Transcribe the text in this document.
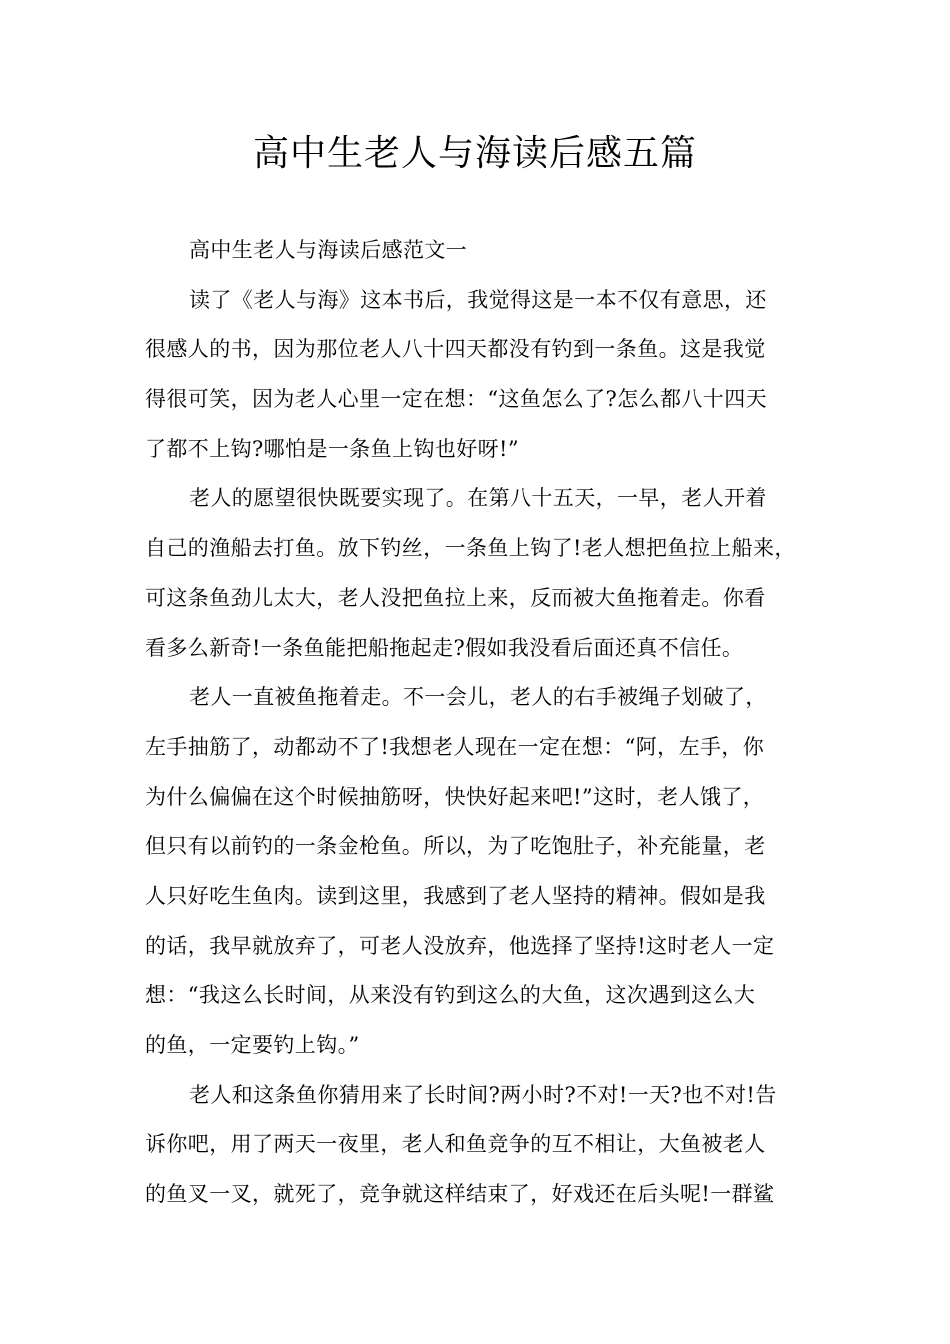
高中生老人与海读后感五篇
高中生老人与海读后感范文一
读了《老人与海》这本书后，我觉得这是一本不仅有意思，还
很感人的书，因为那位老人八十四天都没有钓到一条鱼。这是我觉
得很可笑，因为老人心里一定在想：“这鱼怎么了?怎么都八十四天
了都不上钩?哪怕是一条鱼上钩也好呀!”
老人的愿望很快既要实现了。在第八十五天，一早，老人开着
自己的渔船去打鱼。放下钓丝，一条鱼上钩了!老人想把鱼拉上船来，
可这条鱼劲儿太大，老人没把鱼拉上来，反而被大鱼拖着走。你看
看多么新奇!一条鱼能把船拖起走?假如我没看后面还真不信任。
老人一直被鱼拖着走。不一会儿，老人的右手被绳子划破了，
左手抽筋了，动都动不了!我想老人现在一定在想：“阿，左手，你
为什么偏偏在这个时候抽筋呀，快快好起来吧!”这时，老人饿了，
但只有以前钓的一条金枪鱼。所以，为了吃饱肚子，补充能量，老
人只好吃生鱼肉。读到这里，我感到了老人坚持的精神。假如是我
的话，我早就放弃了，可老人没放弃，他选择了坚持!这时老人一定
想：“我这么长时间，从来没有钓到这么的大鱼，这次遇到这么大
的鱼，一定要钓上钩。”
老人和这条鱼你猜用来了长时间?两小时?不对!一天?也不对!告
诉你吧，用了两天一夜里，老人和鱼竞争的互不相让，大鱼被老人
的鱼叉一叉，就死了，竞争就这样结束了，好戏还在后头呢!一群鲨
